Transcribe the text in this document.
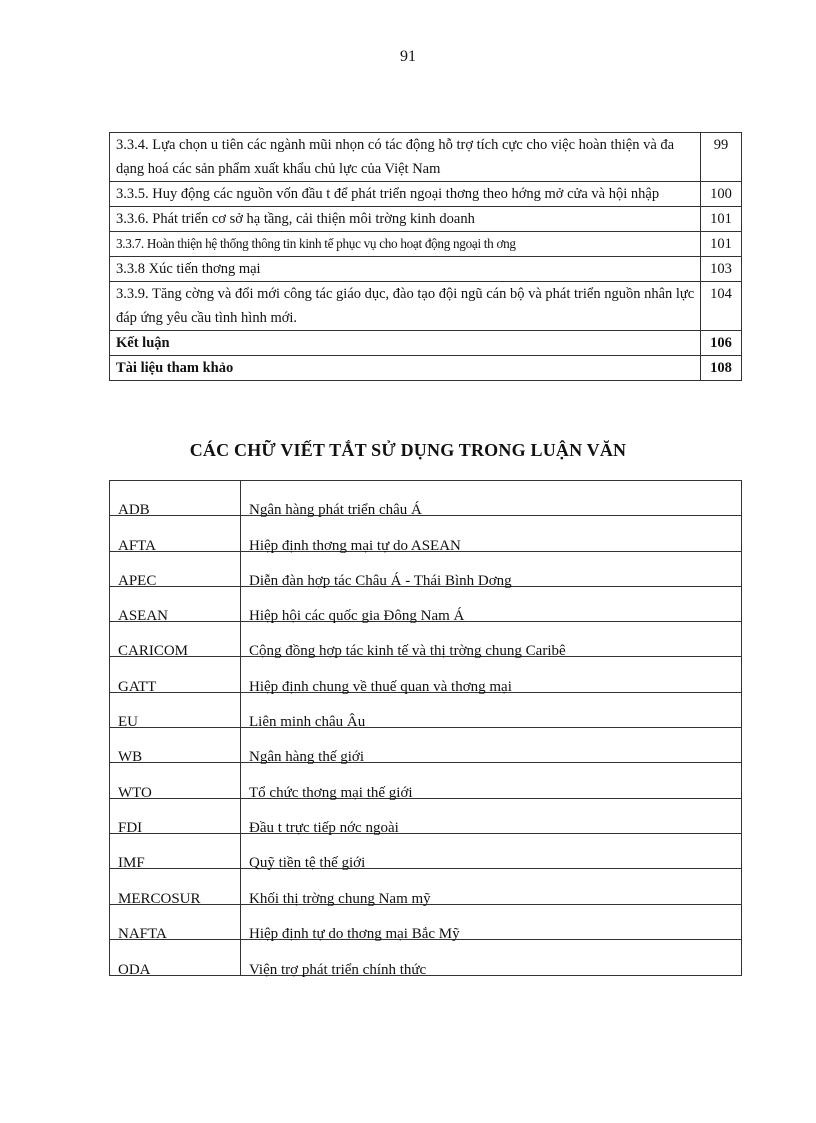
91
3.3.4. Lựa chọn u tiên các ngành mũi nhọn có tác động hỗ trợ tích cực cho việc hoàn thiện và đa dạng hoá các sản phẩm xuất khẩu chủ lực của Việt Nam	99
3.3.5. Huy động các nguồn vốn đầu t để phát triển ngoại thơng theo hớng mở cửa và hội nhập	100
3.3.6. Phát triển cơ sở hạ tầng, cải thiện môi trờng kinh doanh	101
3.3.7. Hoàn thiện hệ thống thông tin kinh tế phục vụ cho hoạt động ngoại th ơng	101
3.3.8 Xúc tiến thơng mại	103
3.3.9. Tăng cờng và đổi mới công tác giáo dục, đào tạo đội ngũ cán bộ và phát triển nguồn nhân lực đáp ứng yêu cầu tình hình mới.	104
Kết luận	106
Tài liệu tham khảo	108
CÁC CHỮ VIẾT TẮT SỬ DỤNG TRONG LUẬN VĂN
ADB	Ngân hàng phát triển châu Á
AFTA	Hiệp định thơng mại tự do ASEAN
APEC	Diễn đàn hợp tác Châu Á - Thái Bình Dơng
ASEAN	Hiệp hội các quốc gia Đông Nam Á
CARICOM	Cộng đồng hợp tác kinh tế và thị trờng chung Caribê
GATT	Hiệp định chung về thuế quan và thơng mại
EU	Liên minh châu Âu
WB	Ngân hàng thế giới
WTO	Tổ chức thơng mại thế giới
FDI	Đầu t trực tiếp nớc ngoài
IMF	Quỹ tiền tệ thế giới
MERCOSUR	Khối thị trờng chung Nam mỹ
NAFTA	Hiệp định tự do thơng mại Bắc Mỹ
ODA	Viện trợ phát triển chính thức
